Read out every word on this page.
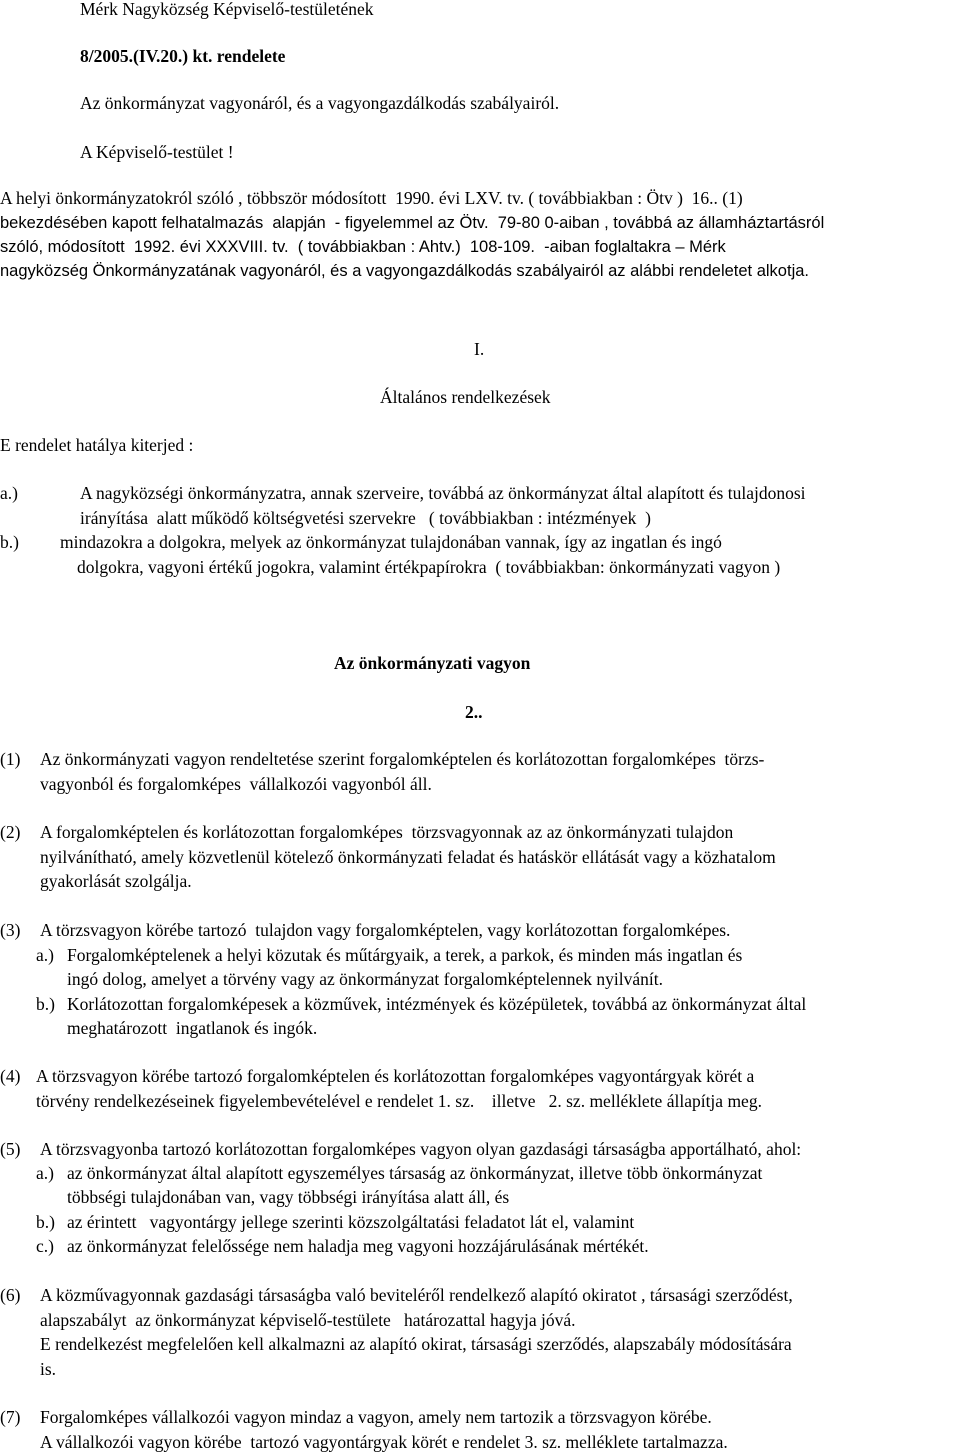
Mérk Nagyközség Képviselő-testületének
8/2005.(IV.20.) kt. rendelete
Az önkormányzat vagyonáról, és a vagyongazdálkodás szabályairól.
A Képviselő-testület !
A helyi önkormányzatokról szóló , többször módosított  1990. évi LXV. tv. ( továbbiakban : Ötv )  16.. (1)
bekezdésében kapott felhatalmazás  alapján  - figyelemmel az Ötv.  79-80 0-aiban , továbbá az államháztartásról
szóló, módosított  1992. évi XXXVIII. tv.  ( továbbiakban : Ahtv.)  108-109.  -aiban foglaltakra – Mérk
nagyközség Önkormányzatának vagyonáról, és a vagyongazdálkodás szabályairól az alábbi rendeletet alkotja.
I.
Általános rendelkezések
E rendelet hatálya kiterjed :
a.)	A nagyközségi önkormányzatra, annak szerveire, továbbá az önkormányzat által alapított és tulajdonosi
irányítása  alatt működő költségvetési szervekre   ( továbbiakban : intézmények  )
b.) mindazokra a dolgokra, melyek az önkormányzat tulajdonában vannak, így az ingatlan és ingó
dolgokra, vagyoni értékű jogokra, valamint értékpapírokra  ( továbbiakban: önkormányzati vagyon )
Az önkormányzati vagyon
2..
(1) Az önkormányzati vagyon rendeltetése szerint forgalomképtelen és korlátozottan forgalomképes  törzs-
vagyonból és forgalomképes  vállalkozói vagyonból áll.
(2) A forgalomképtelen és korlátozottan forgalomképes  törzsvagyonnak az az önkormányzati tulajdon
nyilvánítható, amely közvetlenül kötelező önkormányzati feladat és hatáskör ellátását vagy a közhatalom
gyakorlását szolgálja.
(3) A törzsvagyon körébe tartozó  tulajdon vagy forgalomképtelen, vagy korlátozottan forgalomképes.
a.) Forgalomképtelenek a helyi közutak és műtárgyaik, a terek, a parkok, és minden más ingatlan és
ingó dolog, amelyet a törvény vagy az önkormányzat forgalomképtelennek nyilvánít.
b.) Korlátozottan forgalomképesek a közművek, intézmények és középületek, továbbá az önkormányzat által
meghatározott  ingatlanok és ingók.
(4) A törzsvagyon körébe tartozó forgalomképtelen és korlátozottan forgalomképes vagyontárgyak körét a
törvény rendelkezéseinek figyelembevételével e rendelet 1. sz.    illetve   2. sz. melléklete állapítja meg.
(5) A törzsvagyonba tartozó korlátozottan forgalomképes vagyon olyan gazdasági társaságba apportálható, ahol:
a.) az önkormányzat által alapított egyszemélyes társaság az önkormányzat, illetve több önkormányzat
többségi tulajdonában van, vagy többségi irányítása alatt áll, és
b.) az érintett   vagyontárgy jellege szerinti közszolgáltatási feladatot lát el, valamint
c.) az önkormányzat felelőssége nem haladja meg vagyoni hozzájárulásának mértékét.
(6) A közművagyonnak gazdasági társaságba való beviteléről rendelkező alapító okiratot , társasági szerződést,
alapszabályt  az önkormányzat képviselő-testülete   határozattal hagyja jóvá.
E rendelkezést megfelelően kell alkalmazni az alapító okirat, társasági szerződés, alapszabály módosítására
is.
(7) Forgalomképes vállalkozói vagyon mindaz a vagyon, amely nem tartozik a törzsvagyon körébe.
A vállalkozói vagyon körébe  tartozó vagyontárgyak körét e rendelet 3. sz. melléklete tartalmazza.
